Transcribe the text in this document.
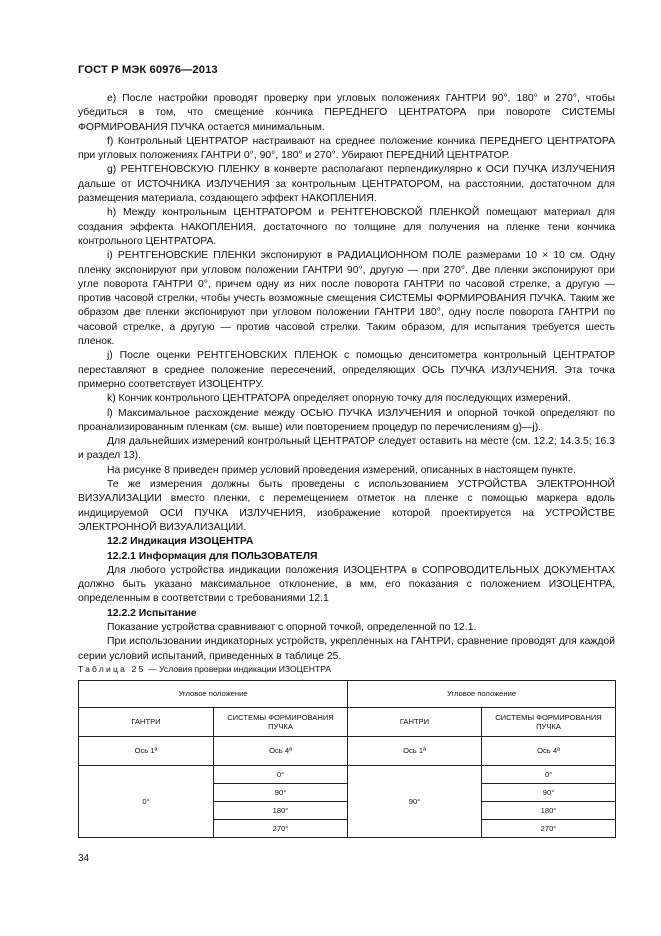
ГОСТ Р МЭК 60976—2013

е) После настройки проводят проверку при угловых положениях ГАНТРИ 90°, 180° и 270°, чтобы убедиться в том, что смещение кончика ПЕРЕДНЕГО ЦЕНТРАТОРА при повороте СИСТЕМЫ ФОРМИРОВАНИЯ ПУЧКА остается минимальным.

f) Контрольный ЦЕНТРАТОР настраивают на среднее положение кончика ПЕРЕДНЕГО ЦЕНТРАТОРА при угловых положениях ГАНТРИ 0°, 90°, 180° и 270°. Убирают ПЕРЕДНИЙ ЦЕНТРАТОР.

g) РЕНТГЕНОВСКУЮ ПЛЕНКУ в конверте располагают перпендикулярно к ОСИ ПУЧКА ИЗЛУЧЕНИЯ дальше от ИСТОЧНИКА ИЗЛУЧЕНИЯ за контрольным ЦЕНТРАТОРОМ, на расстоянии, достаточном для размещения материала, создающего эффект НАКОПЛЕНИЯ.

h) Между контрольным ЦЕНТРАТОРОМ и РЕНТГЕНОВСКОЙ ПЛЕНКОЙ помещают материал для создания эффекта НАКОПЛЕНИЯ, достаточного по толщине для получения на пленке тени кончика контрольного ЦЕНТРАТОРА.

i) РЕНТГЕНОВСКИЕ ПЛЕНКИ экспонируют в РАДИАЦИОННОМ ПОЛЕ размерами 10 × 10 см. Одну пленку экспонируют при угловом положении ГАНТРИ 90°, другую — при 270°. Две пленки экспонируют при угле поворота ГАНТРИ 0°, причем одну из них после поворота ГАНТРИ по часовой стрелке, а другую — против часовой стрелки, чтобы учесть возможные смещения СИСТЕМЫ ФОРМИРОВАНИЯ ПУЧКА. Таким же образом две пленки экспонируют при угловом положении ГАНТРИ 180°, одну после поворота ГАНТРИ по часовой стрелке, а другую — против часовой стрелки. Таким образом, для испытания требуется шесть пленок.

j) После оценки РЕНТГЕНОВСКИХ ПЛЕНОК с помощью денситометра контрольный ЦЕНТРАТОР переставляют в среднее положение пересечений, определяющих ОСЬ ПУЧКА ИЗЛУЧЕНИЯ. Эта точка примерно соответствует ИЗОЦЕНТРУ.

k) Кончик контрольного ЦЕНТРАТОРА определяет опорную точку для последующих измерений.

l) Максимальное расхождение между ОСЬЮ ПУЧКА ИЗЛУЧЕНИЯ и опорной точкой определяют по проанализированным пленкам (см. выше) или повторением процедур по перечислениям g)—j).

Для дальнейших измерений контрольный ЦЕНТРАТОР следует оставить на месте (см. 12.2; 14.3.5; 16.3 и раздел 13).

На рисунке 8 приведен пример условий проведения измерений, описанных в настоящем пункте.

Те же измерения должны быть проведены с использованием УСТРОЙСТВА ЭЛЕКТРОННОЙ ВИЗУАЛИЗАЦИИ вместо пленки, с перемещением отметок на пленке с помощью маркера вдоль индицируемой ОСИ ПУЧКА ИЗЛУЧЕНИЯ, изображение которой проектируется на УСТРОЙСТВЕ ЭЛЕКТРОННОЙ ВИЗУАЛИЗАЦИИ.

12.2 Индикация ИЗОЦЕНТРА

12.2.1 Информация для ПОЛЬЗОВАТЕЛЯ

Для любого устройства индикации положения ИЗОЦЕНТРА в СОПРОВОДИТЕЛЬНЫХ ДОКУМЕНТАХ должно быть указано максимальное отклонение, в мм, его показания с положением ИЗОЦЕНТРА, определенным в соответствии с требованиями 12.1

12.2.2 Испытание

Показание устройства сравнивают с опорной точкой, определенной по 12.1.

При использовании индикаторных устройств, укрепленных на ГАНТРИ, сравнение проводят для каждой серии условий испытаний, приведенных в таблице 25.

Таблица 25 — Условия проверки индикации ИЗОЦЕНТРА
Угловое положение		Угловое положение	
ГАНТРИ	СИСТЕМЫ ФОРМИРОВАНИЯ ПУЧКА	ГАНТРИ	СИСТЕМЫ ФОРМИРОВАНИЯ ПУЧКА
Ось 1ª	Ось 4ª	Ось 1ª	Ось 4ª
0°	0°	90°	0°
	90°		90°
	180°		180°
	270°		270°
34
